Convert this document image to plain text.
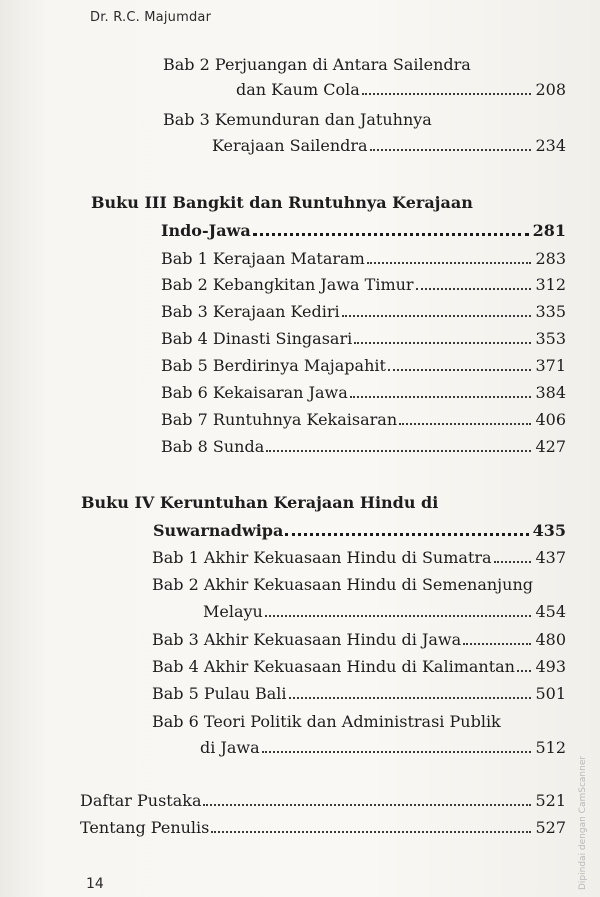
Dr. R.C. Majumdar
Bab 2 Perjuangan di Antara Sailendra
dan Kaum Cola	208
Bab 3 Kemunduran dan Jatuhnya
Kerajaan Sailendra	234
Buku III Bangkit dan Runtuhnya Kerajaan
Indo-Jawa	281
Bab 1 Kerajaan Mataram	283
Bab 2 Kebangkitan Jawa Timur	312
Bab 3 Kerajaan Kediri	335
Bab 4 Dinasti Singasari	353
Bab 5 Berdirinya Majapahit	371
Bab 6 Kekaisaran Jawa	384
Bab 7 Runtuhnya Kekaisaran	406
Bab 8 Sunda	427
Buku IV Keruntuhan Kerajaan Hindu di
Suwarnadwipa	435
Bab 1 Akhir Kekuasaan Hindu di Sumatra	437
Bab 2 Akhir Kekuasaan Hindu di Semenanjung
Melayu	454
Bab 3 Akhir Kekuasaan Hindu di Jawa	480
Bab 4 Akhir Kekuasaan Hindu di Kalimantan 493
Bab 5 Pulau Bali	501
Bab 6 Teori Politik dan Administrasi Publik
di Jawa	512
Daftar Pustaka	521
Tentang Penulis	527
14	Dipindai dengan CamScanner
